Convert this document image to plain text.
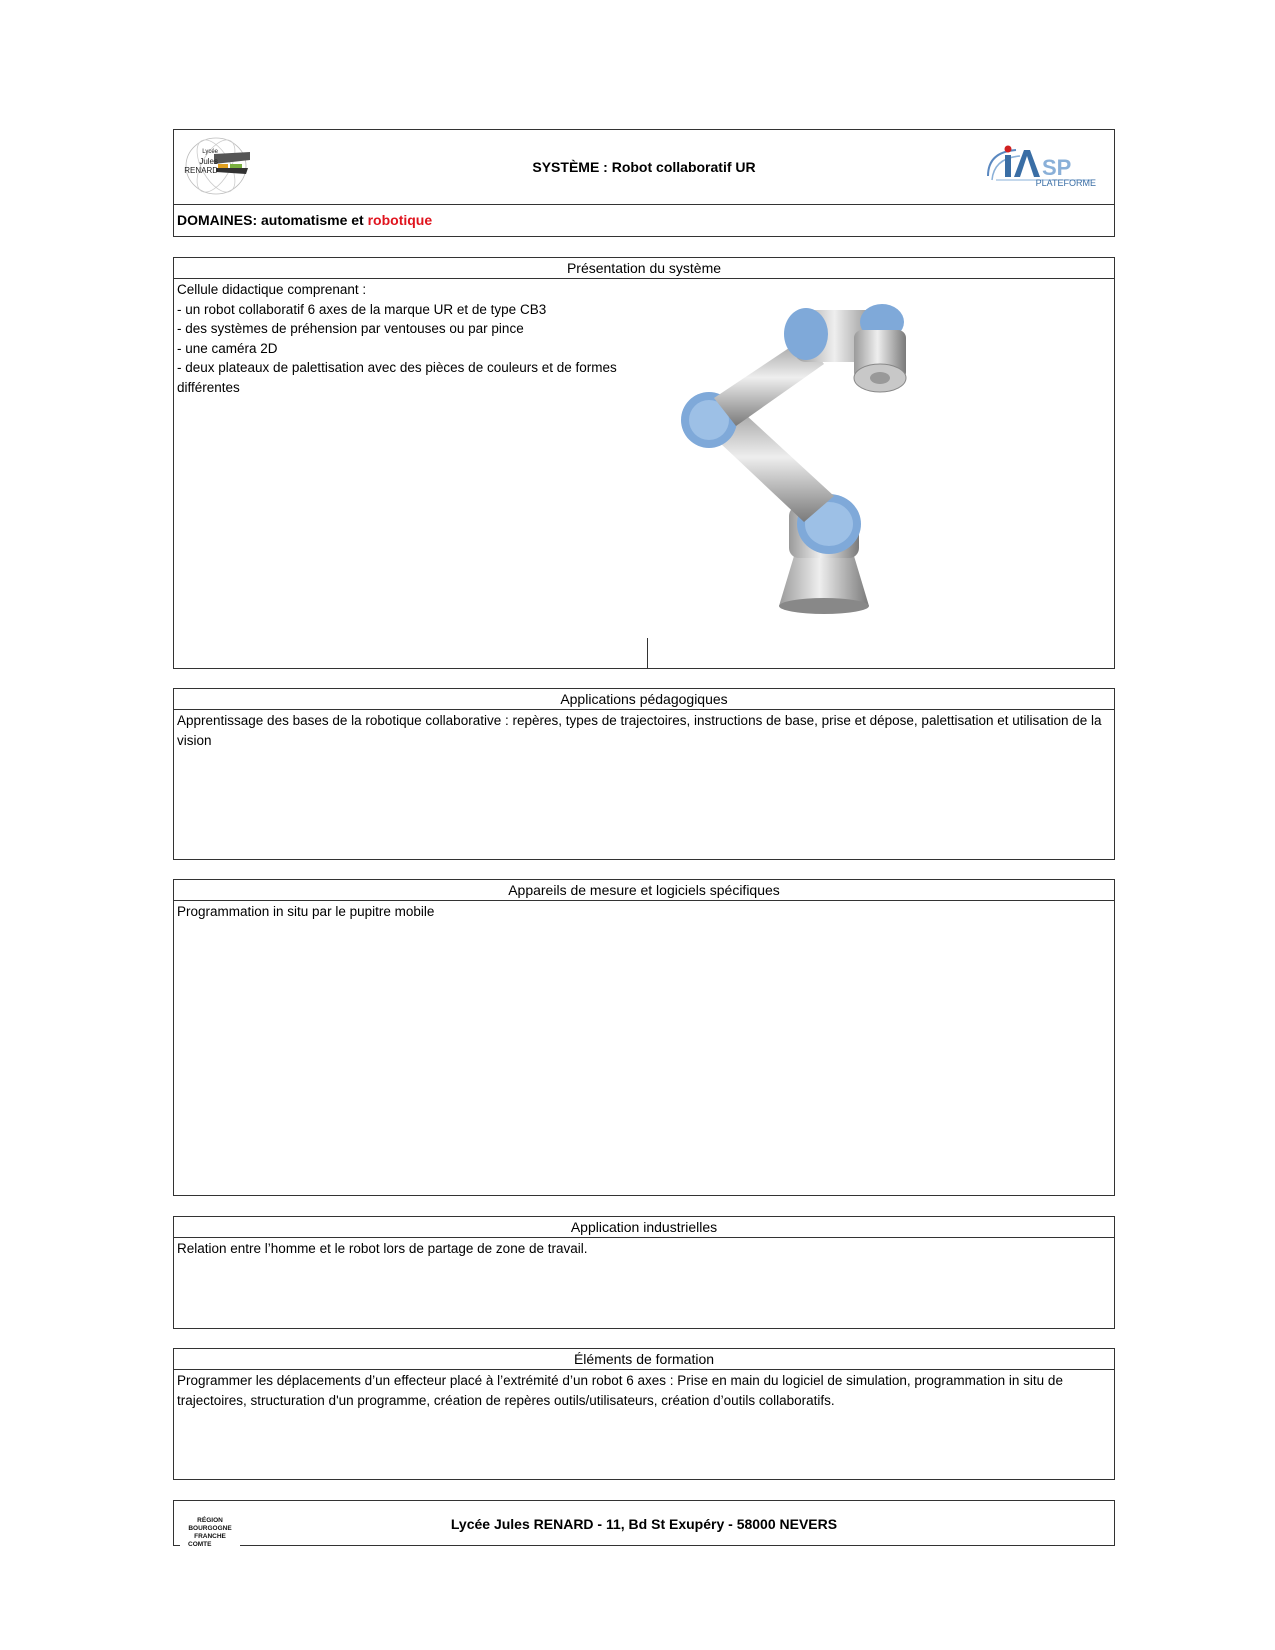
Lycée
Jules
RENARD	SYSTÈME : Robot collaboratif UR	SP
PLATEFORME
DOMAINES: automatisme et robotique
Présentation du système
Cellule didactique comprenant :
- un robot collaboratif 6 axes de la marque UR et de type CB3
- des systèmes de préhension par ventouses ou par pince
- une caméra 2D
- deux plateaux de palettisation avec des pièces de couleurs et de formes différentes
Applications pédagogiques
Apprentissage des bases de la robotique collaborative : repères, types de trajectoires, instructions de base, prise et dépose, palettisation et utilisation de la vision
Appareils de mesure et logiciels spécifiques
Programmation in situ par le pupitre mobile
Application industrielles
Relation entre l’homme et le robot lors de partage de zone de travail.
Éléments de formation
Programmer les déplacements d’un effecteur placé à l’extrémité d’un robot 6 axes : Prise en main du logiciel de simulation, programmation in situ de trajectoires, structuration d'un programme, création de repères outils/utilisateurs, création d’outils collaboratifs.
RÉGION
BOURGOGNE
FRANCHE
COMTE
Lycée Jules RENARD - 11, Bd St Exupéry - 58000 NEVERS
